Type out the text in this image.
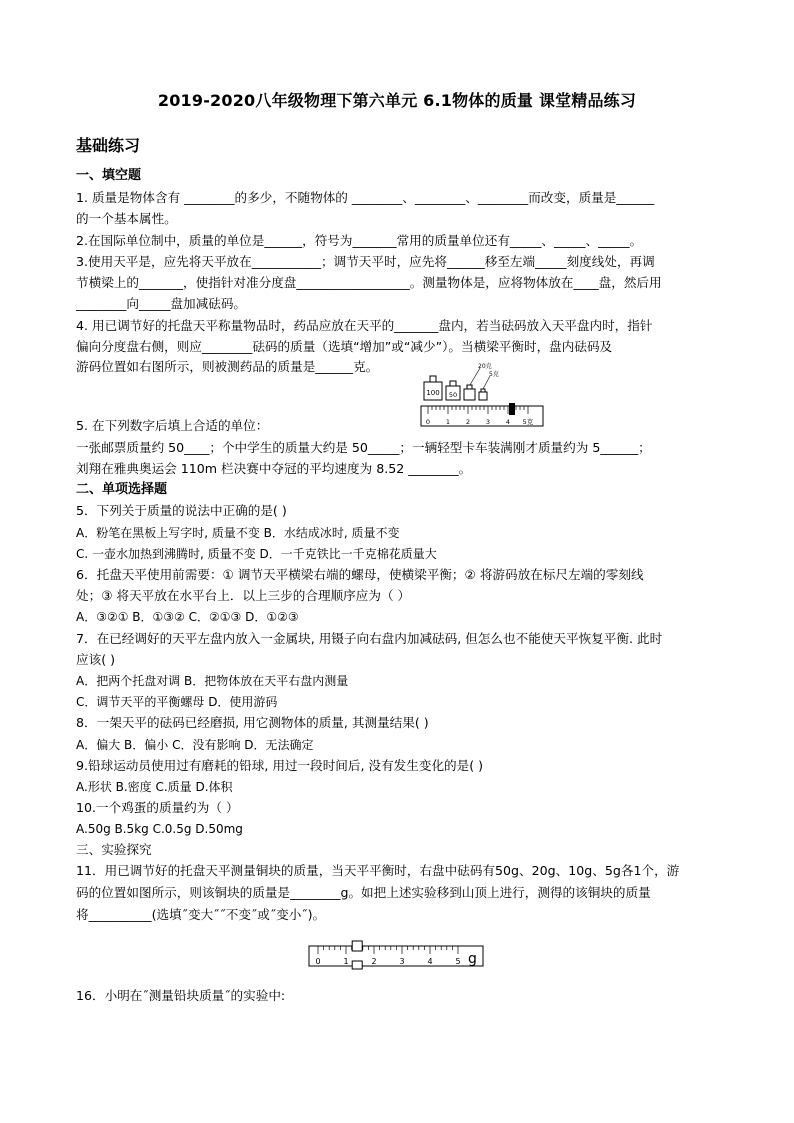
2019-2020八年级物理下第六单元 6.1物体的质量 课堂精品练习
基础练习
一、填空题
1. 质量是物体含有 ________的多少，不随物体的 ________、________、________而改变，质量是______
的一个基本属性。
2.在国际单位制中，质量的单位是______，符号为_______常用的质量单位还有_____、_____、_____。
3.使用天平是，应先将天平放在___________；调节天平时，应先将______移至左端_____刻度线处，再调
节横梁上的_______，使指针对准分度盘__________________。测量物体是，应将物体放在____盘，然后用
________向_____盘加减砝码。
4. 用已调节好的托盘天平称量物品时，药品应放在天平的_______盘内，若当砝码放入天平盘内时，指针
偏向分度盘右侧，则应________砝码的质量（选填“增加”或“减少”）。当横梁平衡时，盘内砝码及
游码位置如右图所示，则被测药品的质量是______克。
100 50
20克
5克
0 1 2 3 4 5克
5. 在下列数字后填上合适的单位：
一张邮票质量约 50____；个中学生的质量大约是 50_____；一辆轻型卡车装满刚才质量约为 5______；
刘翔在雅典奥运会 110m 栏决赛中夺冠的平均速度为 8.52 ________。
二、单项选择题
5．下列关于质量的说法中正确的是( )
A．粉笔在黑板上写字时, 质量不变 B．水结成冰时, 质量不变
C. 一壶水加热到沸腾时, 质量不变 D．一千克铁比一千克棉花质量大
6．托盘天平使用前需要：① 调节天平横梁右端的螺母，使横梁平衡；② 将游码放在标尺左端的零刻线
处；③ 将天平放在水平台上．以上三步的合理顺序应为（ ）
A．③②① B．①③② C．②①③ D．①②③
7．在已经调好的天平左盘内放入一金属块, 用镊子向右盘内加减砝码, 但怎么也不能使天平恢复平衡. 此时
应该( )
A．把两个托盘对调 B．把物体放在天平右盘内测量
C．调节天平的平衡螺母 D．使用游码
8．一架天平的砝码已经磨损, 用它测物体的质量, 其测量结果( )
A．偏大 B．偏小 C．没有影响 D．无法确定
9.铅球运动员使用过有磨耗的铅球, 用过一段时间后, 没有发生变化的是( )
A.形状 B.密度 C.质量 D.体积
10.一个鸡蛋的质量约为（ ）
A.50g B.5kg C.0.5g D.50mg
三、实验探究
11．用已调节好的托盘天平测量铜块的质量，当天平平衡时，右盘中砝码有50g、20g、10g、5g各1个，游
码的位置如图所示，则该铜块的质量是________g。如把上述实验移到山顶上进行，测得的该铜块的质量
将__________(选填˝变大˝˝不变˝或˝变小˝)。
0	1	2	3	4	5 g
16．小明在˝测量铅块质量˝的实验中:
